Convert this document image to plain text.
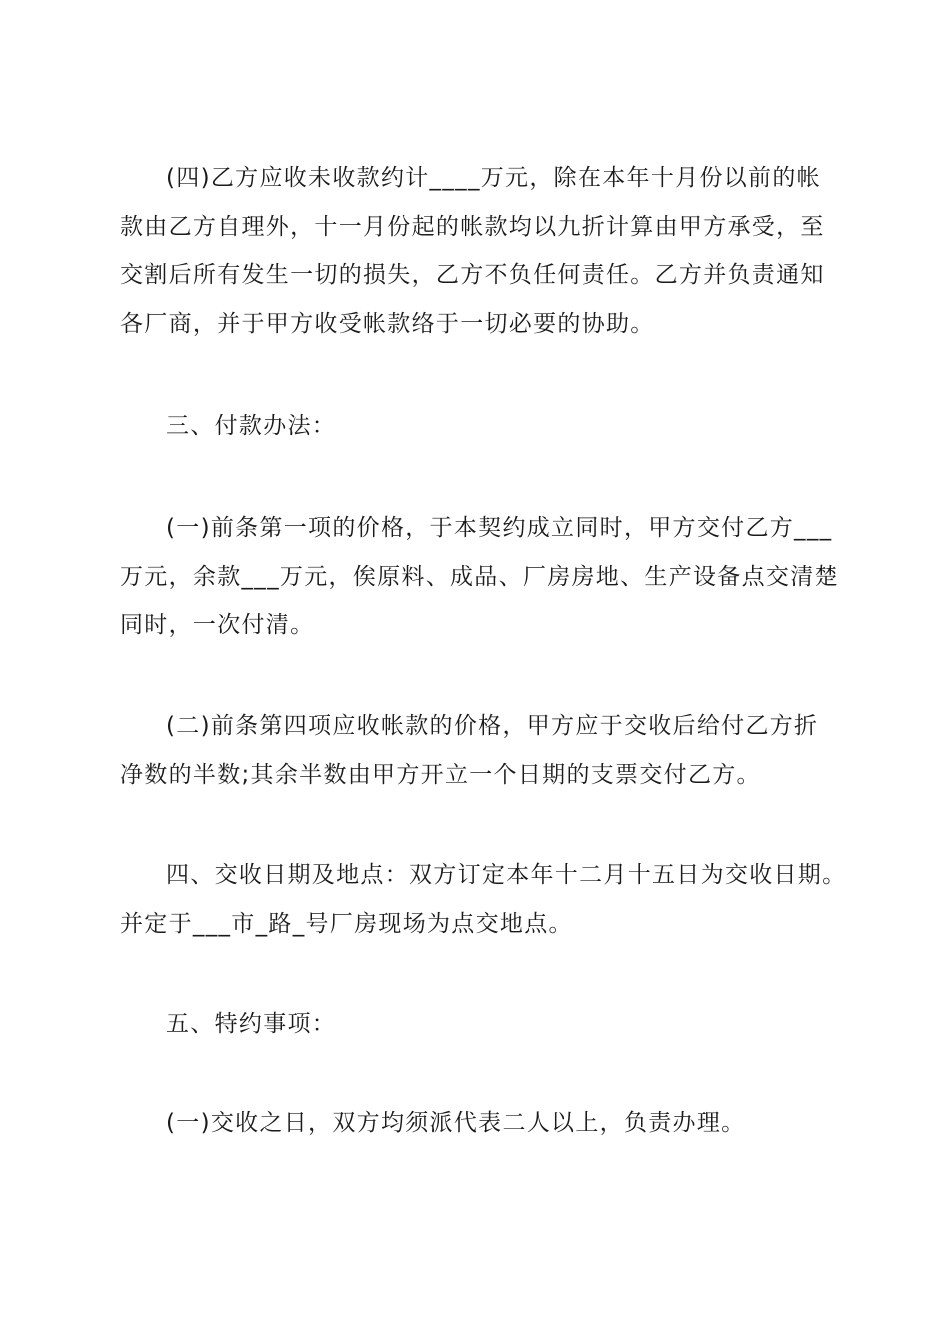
(四)乙方应收未收款约计____万元，除在本年十月份以前的帐
款由乙方自理外，十一月份起的帐款均以九折计算由甲方承受，至
交割后所有发生一切的损失，乙方不负任何责任。乙方并负责通知
各厂商，并于甲方收受帐款络于一切必要的协助。

三、付款办法：

(一)前条第一项的价格，于本契约成立同时，甲方交付乙方___
万元，余款___万元，俟原料、成品、厂房房地、生产设备点交清楚
同时，一次付清。

(二)前条第四项应收帐款的价格，甲方应于交收后给付乙方折
净数的半数;其余半数由甲方开立一个日期的支票交付乙方。

四、交收日期及地点：双方订定本年十二月十五日为交收日期。
并定于___市_路_号厂房现场为点交地点。

五、特约事项：

(一)交收之日，双方均须派代表二人以上，负责办理。
